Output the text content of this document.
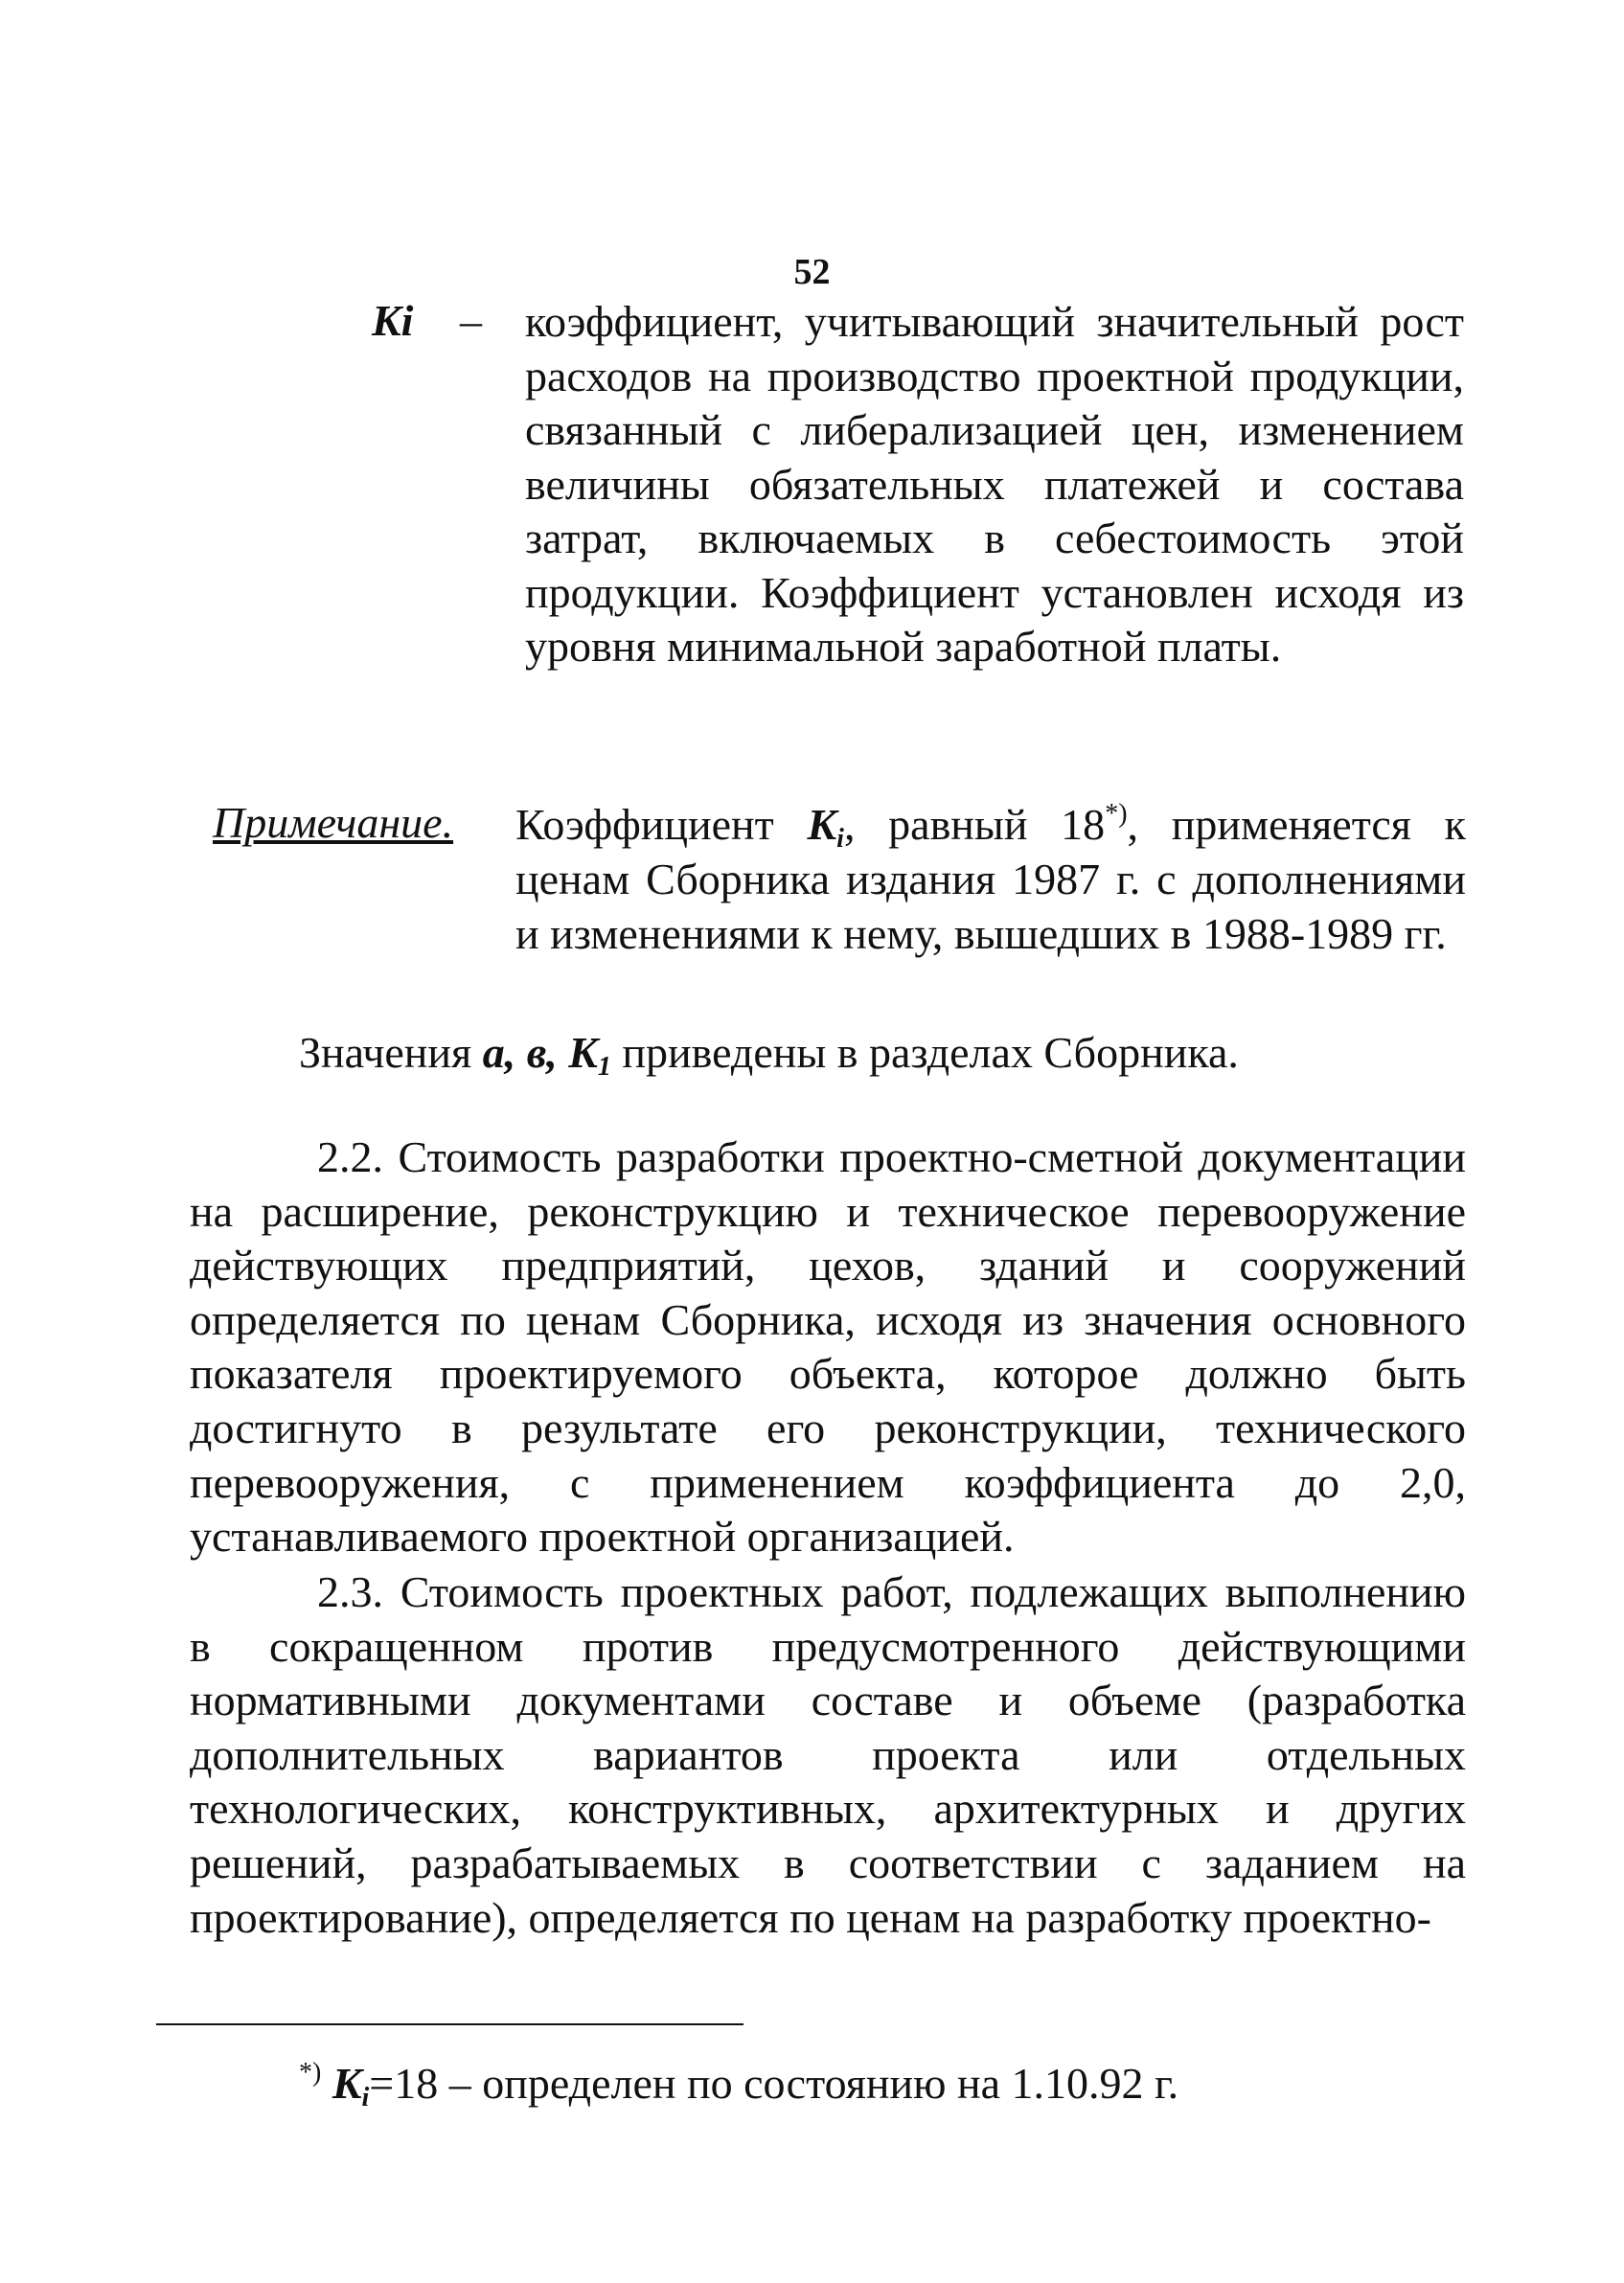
52
Ki – коэффициент, учитывающий значительный рост расходов на производство проектной продукции, связанный с либерализацией цен, изменением величины обязательных платежей и состава затрат, включаемых в себестоимость этой продукции. Коэффициент установлен исходя из уровня минимальной заработной платы.
Примечание. Коэффициент $K_i$, равный 18*), применяется к ценам Сборника издания 1987 г. с дополнениями и изменениями к нему, вышедших в 1988-1989 гг.
Значения a, в, $K_1$ приведены в разделах Сборника.
2.2. Стоимость разработки проектно-сметной документации на расширение, реконструкцию и техническое перевооружение действующих предприятий, цехов, зданий и сооружений определяется по ценам Сборника, исходя из значения основного показателя проектируемого объекта, которое должно быть достигнуто в результате его реконструкции, технического перевооружения, с применением коэффициента до 2,0, устанавливаемого проектной организацией.
2.3. Стоимость проектных работ, подлежащих выполнению в сокращенном против предусмотренного действующими нормативными документами составе и объеме (разработка дополнительных вариантов проекта или отдельных технологических, конструктивных, архитектурных и других решений, разрабатываемых в соответствии с заданием на проектирование), определяется по ценам на разработку проектно-
*) $K_i=18$ – определен по состоянию на 1.10.92 г.
